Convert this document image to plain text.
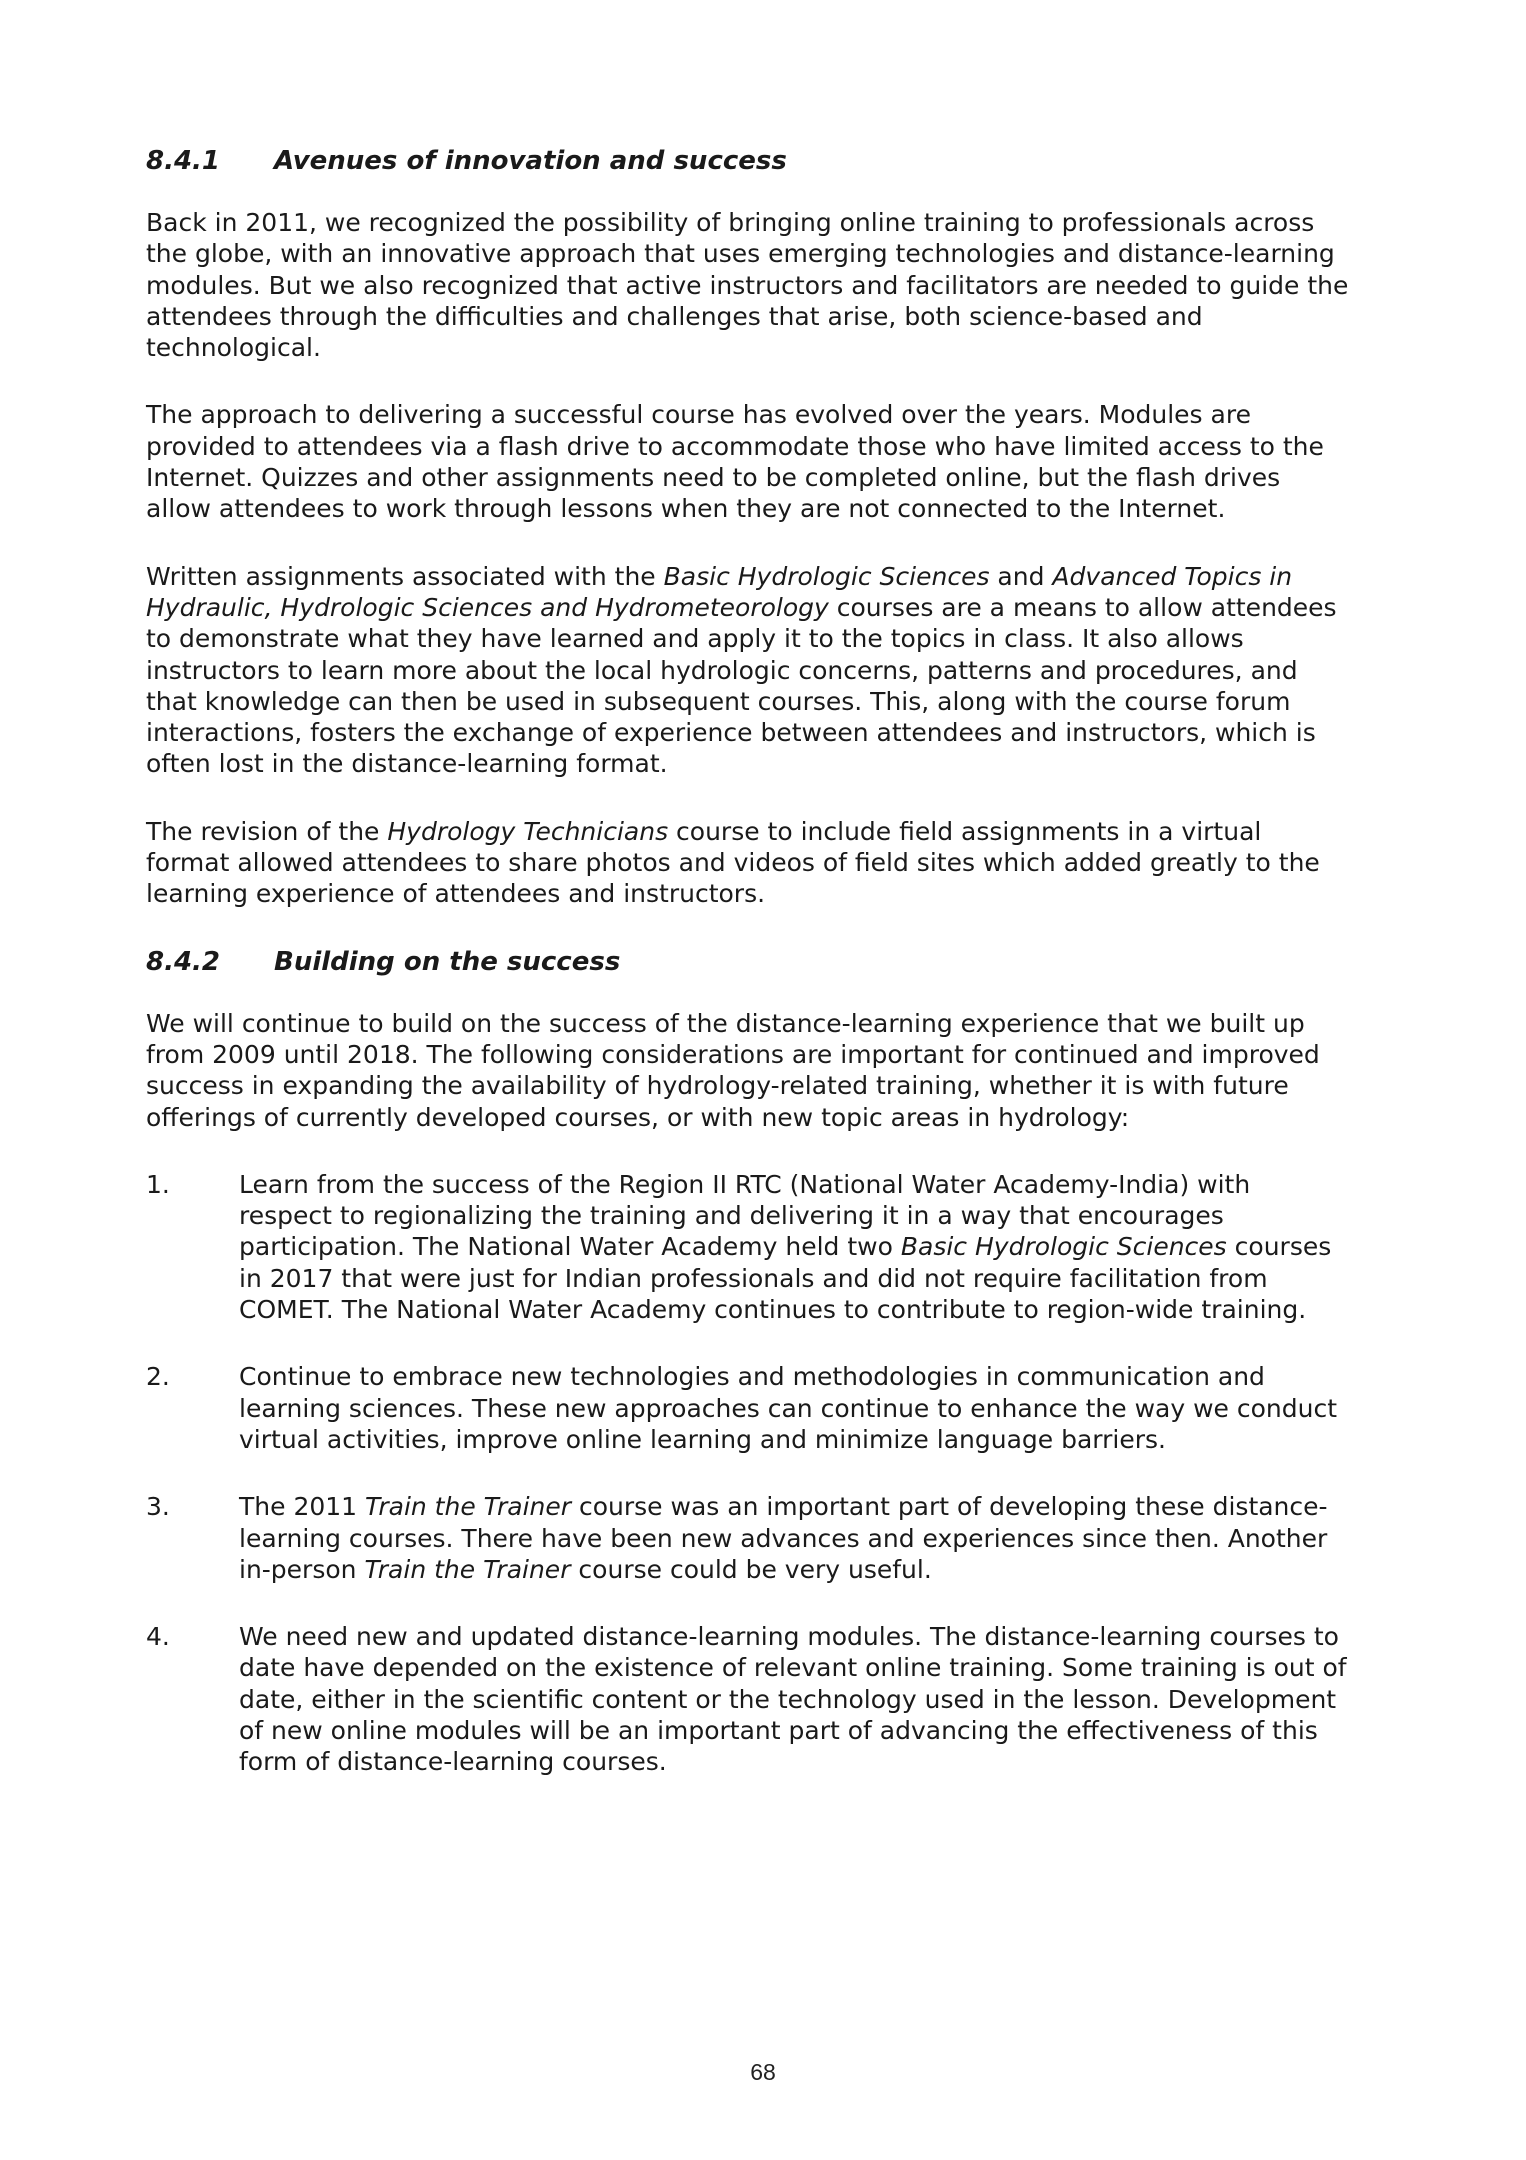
8.4.1	Avenues of innovation and success

Back in 2011, we recognized the possibility of bringing online training to professionals across
the globe, with an innovative approach that uses emerging technologies and distance-learning
modules. But we also recognized that active instructors and facilitators are needed to guide the
attendees through the difficulties and challenges that arise, both science-based and
technological.

The approach to delivering a successful course has evolved over the years. Modules are
provided to attendees via a flash drive to accommodate those who have limited access to the
Internet. Quizzes and other assignments need to be completed online, but the flash drives
allow attendees to work through lessons when they are not connected to the Internet.

Written assignments associated with the Basic Hydrologic Sciences and Advanced Topics in
Hydraulic, Hydrologic Sciences and Hydrometeorology courses are a means to allow attendees
to demonstrate what they have learned and apply it to the topics in class. It also allows
instructors to learn more about the local hydrologic concerns, patterns and procedures, and
that knowledge can then be used in subsequent courses. This, along with the course forum
interactions, fosters the exchange of experience between attendees and instructors, which is
often lost in the distance-learning format.

The revision of the Hydrology Technicians course to include field assignments in a virtual
format allowed attendees to share photos and videos of field sites which added greatly to the
learning experience of attendees and instructors.

8.4.2	Building on the success

We will continue to build on the success of the distance-learning experience that we built up
from 2009 until 2018. The following considerations are important for continued and improved
success in expanding the availability of hydrology-related training, whether it is with future
offerings of currently developed courses, or with new topic areas in hydrology:

1.	Learn from the success of the Region II RTC (National Water Academy-India) with
respect to regionalizing the training and delivering it in a way that encourages
participation. The National Water Academy held two Basic Hydrologic Sciences courses
in 2017 that were just for Indian professionals and did not require facilitation from
COMET. The National Water Academy continues to contribute to region-wide training.
2.	Continue to embrace new technologies and methodologies in communication and
learning sciences. These new approaches can continue to enhance the way we conduct
virtual activities, improve online learning and minimize language barriers.
3.	The 2011 Train the Trainer course was an important part of developing these distance-
learning courses. There have been new advances and experiences since then. Another
in-person Train the Trainer course could be very useful.
4.	We need new and updated distance-learning modules. The distance-learning courses to
date have depended on the existence of relevant online training. Some training is out of
date, either in the scientific content or the technology used in the lesson. Development
of new online modules will be an important part of advancing the effectiveness of this
form of distance-learning courses.
68
